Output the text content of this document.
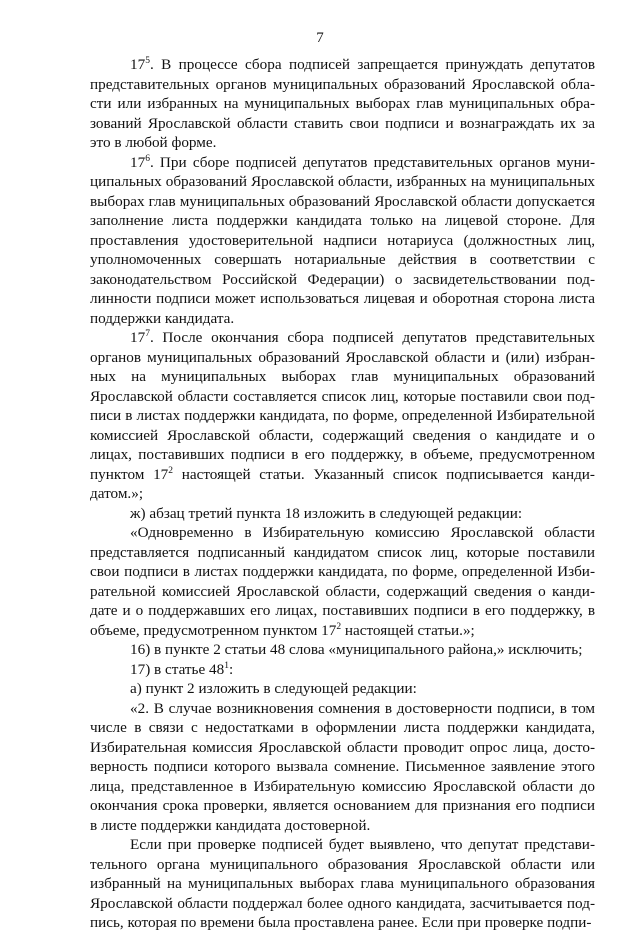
7

$17^5$. В процессе сбора подписей запрещается принуждать депутатов представительных органов муниципальных образований Ярославской области или избранных на муниципальных выборах глав муниципальных образований Ярославской области ставить свои подписи и вознаграждать их за это в любой форме.

$17^6$. При сборе подписей депутатов представительных органов муниципальных образований Ярославской области, избранных на муниципальных выборах глав муниципальных образований Ярославской области допускается заполнение листа поддержки кандидата только на лицевой стороне. Для проставления удостоверительной надписи нотариуса (должностных лиц, уполномоченных совершать нотариальные действия в соответствии с законодательством Российской Федерации) о засвидетельствовании подлинности подписи может использоваться лицевая и оборотная сторона листа поддержки кандидата.

$17^7$. После окончания сбора подписей депутатов представительных органов муниципальных образований Ярославской области и (или) избранных на муниципальных выборах глав муниципальных образований Ярославской области составляется список лиц, которые поставили свои подписи в листах поддержки кандидата, по форме, определенной Избирательной комиссией Ярославской области, содержащий сведения о кандидате и о лицах, поставивших подписи в его поддержку, в объеме, предусмотренном пунктом $17^2$ настоящей статьи. Указанный список подписывается кандидатом.»;

ж) абзац третий пункта 18 изложить в следующей редакции:

«Одновременно в Избирательную комиссию Ярославской области представляется подписанный кандидатом список лиц, которые поставили свои подписи в листах поддержки кандидата, по форме, определенной Избирательной комиссией Ярославской области, содержащий сведения о кандидате и о поддержавших его лицах, поставивших подписи в его поддержку, в объеме, предусмотренном пунктом $17^2$ настоящей статьи.»;

16) в пункте 2 статьи 48 слова «муниципального района,» исключить;

17) в статье $48^1$:

а) пункт 2 изложить в следующей редакции:

«2. В случае возникновения сомнения в достоверности подписи, в том числе в связи с недостатками в оформлении листа поддержки кандидата, Избирательная комиссия Ярославской области проводит опрос лица, достоверность подписи которого вызвала сомнение. Письменное заявление этого лица, представленное в Избирательную комиссию Ярославской области до окончания срока проверки, является основанием для признания его подписи в листе поддержки кандидата достоверной.

Если при проверке подписей будет выявлено, что депутат представительного органа муниципального образования Ярославской области или избранный на муниципальных выборах глава муниципального образования Ярославской области поддержал более одного кандидата, засчитывается подпись, которая по времени была проставлена ранее. Если при проверке подпи-
